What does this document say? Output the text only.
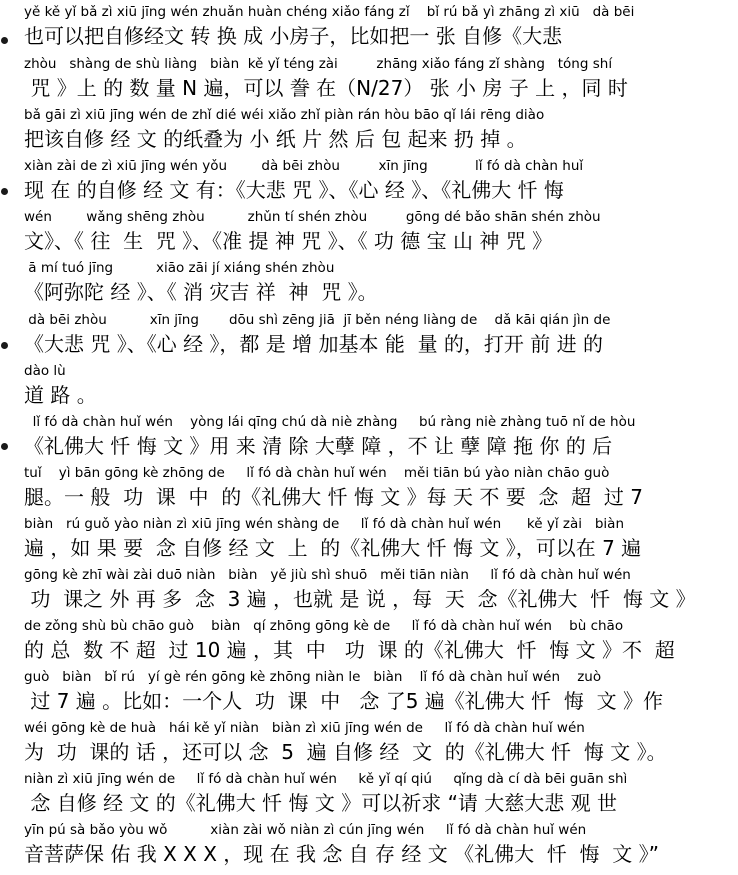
yě kě yǐ bǎ zì xiū jīng wén zhuǎn huàn chéng xiǎo fáng zǐ    bǐ rú bǎ yì zhāng zì xiū   dà bēi
也可以把自修经文 转 换 成 小房子，比如把一 张 自修《大悲
zhòu   shàng de shù liàng   biàn  kě yǐ téng zài         zhāng xiǎo fáng zǐ shàng   tóng shí
咒 》上 的 数 量 N 遍，可以 誊 在（N/27） 张 小 房 子 上 ，同 时
bǎ gāi zì xiū jīng wén de zhǐ dié wéi xiǎo zhǐ piàn rán hòu bāo qǐ lái rēng diào
把该自修 经 文 的纸叠为 小 纸 片 然 后 包 起来 扔 掉 。
xiàn zài de zì xiū jīng wén yǒu        dà bēi zhòu         xīn jīng           lǐ fó dà chàn huǐ
现 在 的自修 经 文 有：《大悲 咒 》、《心 经 》、《礼佛大 忏 悔
wén        wǎng shēng zhòu          zhǔn tí shén zhòu         gōng dé bǎo shān shén zhòu
文》、《 往  生  咒 》、《准 提 神 咒 》、《 功 德 宝 山 神 咒 》
ā mí tuó jīng          xiāo zāi jí xiáng shén zhòu
《阿弥陀 经 》、《 消 灾吉 祥  神  咒 》。
dà bēi zhòu          xīn jīng       dōu shì zēng jiā  jī běn néng liàng de    dǎ kāi qián jìn de
《大悲 咒 》、《心 经 》，都 是 增 加基本 能  量 的，打开 前 进 的
dào lù
道 路 。
lǐ fó dà chàn huǐ wén    yòng lái qīng chú dà niè zhàng     bú ràng niè zhàng tuō nǐ de hòu
《礼佛大 忏 悔 文 》用 来 清 除 大孽 障 ，不 让 孽 障 拖 你 的 后
tuǐ    yì bān gōng kè zhōng de     lǐ fó dà chàn huǐ wén    měi tiān bú yào niàn chāo guò
腿。一 般  功  课  中  的《礼佛大 忏 悔 文 》每 天 不 要  念  超  过 7
biàn   rú guǒ yào niàn zì xiū jīng wén shàng de     lǐ fó dà chàn huǐ wén      kě yǐ zài   biàn
遍 ，如 果 要  念 自修 经 文  上  的《礼佛大 忏 悔 文 》，可以在 7 遍
gōng kè zhī wài zài duō niàn   biàn   yě jiù shì shuō   měi tiān niàn     lǐ fó dà chàn huǐ wén
功  课之 外 再 多  念  3 遍 ，也就 是 说 ，每  天  念《礼佛大  忏  悔 文 》
de zǒng shù bù chāo guò    biàn   qí zhōng gōng kè de     lǐ fó dà chàn huǐ wén    bù chāo
的 总  数 不 超  过 10 遍 ，其  中   功  课 的《礼佛大  忏  悔 文 》不  超
guò   biàn   bǐ rú   yí gè rén gōng kè zhōng niàn le   biàn    lǐ fó dà chàn huǐ wén    zuò
过 7 遍 。比如：一个人  功  课  中   念 了5 遍《礼佛大 忏  悔  文 》作
wéi gōng kè de huà   hái kě yǐ niàn   biàn zì xiū jīng wén de     lǐ fó dà chàn huǐ wén
为  功  课的 话 ，还可以 念  5  遍 自修 经  文  的《礼佛大 忏  悔 文 》。
niàn zì xiū jīng wén de     lǐ fó dà chàn huǐ wén     kě yǐ qí qiú     qǐng dà cí dà bēi guān shì
念 自修 经 文 的《礼佛大 忏 悔 文 》可以祈求 “请 大慈大悲 观 世
yīn pú sà bǎo yòu wǒ          xiàn zài wǒ niàn zì cún jīng wén     lǐ fó dà chàn huǐ wén
音菩萨保 佑 我 X X X ，现 在 我 念 自 存 经 文 《礼佛大  忏  悔  文 》”
